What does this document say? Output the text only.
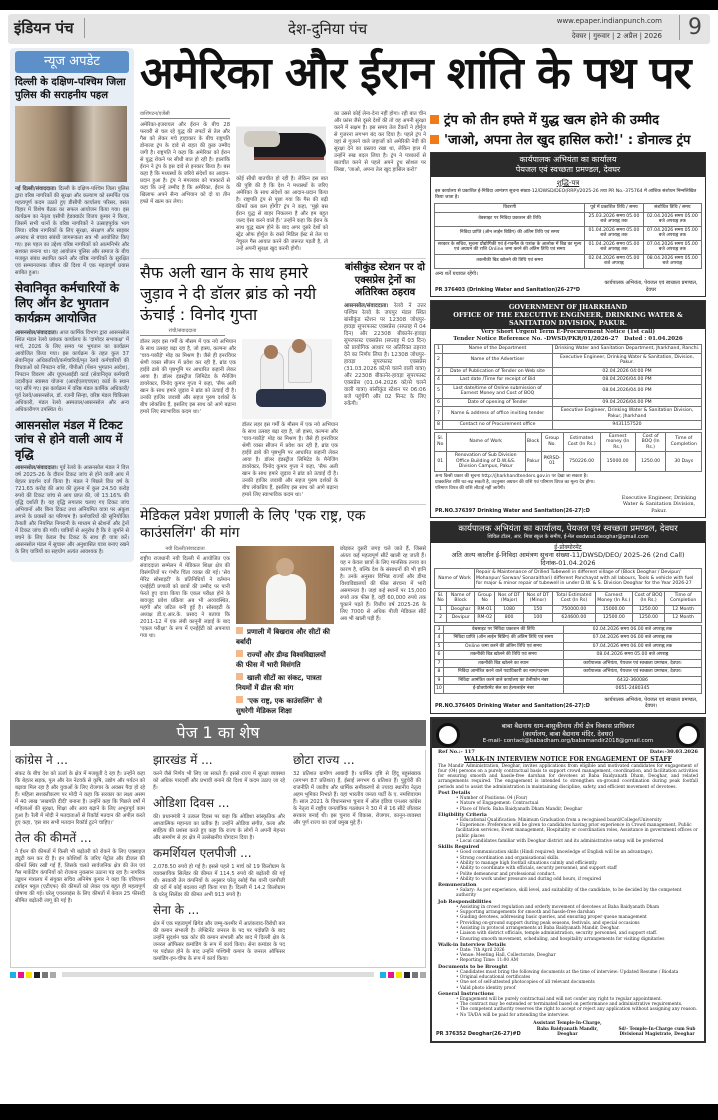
इंडियन पंच	देश-दुनिया पंच	www.epaper.indianpunch.com
देवघर | गुरुवार | 2 अप्रैल | 2026	9
न्यूज अपडेट
दिल्ली के दक्षिण-पश्चिम जिला पुलिस की सराहनीय पहल
नई दिल्ली/संवाददाता। दिल्ली के दक्षिण-पश्चिम जिला पुलिस द्वारा वरिष्ठ नागरिकों की सुरक्षा और कल्याण को समर्पित एक महत्वपूर्ण कदम उठाते हुए डीसीपी कार्यालय परिसर, वसंत विहार में विशेष बैठक का सफल आयोजन किया गया। इस कार्यक्रम का नेतृत्व एसीपी हेडक्वार्टर विजय कुमार ने किया, जिसमें सभी थानों के वरिष्ठ नागरिकों ने उत्साहपूर्वक भाग लिया। वरिष्ठ नागरिकों के लिए सुरक्षा, संरक्षण और साइबर अपराध से बचाव संबंधी जागरूकता सत्र भी आयोजित किए गए। इस पहल का उद्देश्य वरिष्ठ नागरिकों को आत्मनिर्भर और सशक्त बनाना था। यह आयोजन पुलिस और समाज के बीच मजबूत संबंध स्थापित करने और वरिष्ठ नागरिकों के सुरक्षित एवं सम्मानजनक जीवन की दिशा में एक महत्वपूर्ण प्रयास साबित हुआ।
सेवानिवृत कर्मचारियों के लिए ऑन डेट भुगतान कार्यक्रम आयोजित
आसनसोल/संवाददाता। आज कार्मिक विभाग द्वारा आसनसोल स्थित मंडल रेलवे प्रबंधक कार्यालय के 'दामोदर सभाकक्ष' में मार्च, 2026 के लिए समय पर भुगतान का कार्यक्रम आयोजित किया गया। इस कार्यक्रम के तहत कुल 37 सेवानिवृत्त अधिकारियों/कर्मचारियों/मृत रेलवे कर्मचारियों की विधवाओं को निपटान राशि, पीपीओ (पेंशन भुगतान आदेश), निपटान विवरण और यूएमआईडी कार्ड (सेवानिवृत्त कर्मचारी उदारीकृत स्वास्थ्य योजना (आरईएलएचएस) कार्ड के स्थान पर) सौंपे गए। इस कार्यक्रम में वरिष्ठ मंडल कार्मिक अधिकारी/पूर्व रेलवे/आसनसोल, डॉ. रजनी सिन्हा, वरिष्ठ मंडल चिकित्सा अधिकारी, मंडल रेलवे अस्पताल/आसनसोल और अन्य अधिकारीगण उपस्थित थे।
आसनसोल मंडल में टिकट जांच से होने वाली आय में वृद्धि
आसनसोल/संवाददाता। पूर्व रेलवे के आसनसोल मंडल ने वित्त वर्ष 2025-26 के दौरान टिकट जांच से होने वाली आय में बेहतर प्रदर्शन दर्ज किया है। मंडल ने पिछले वित्त वर्ष के 721.65 करोड़ की आय की तुलना में कुल 24.50 करोड़ रुपये की टिकट जांच से आय प्राप्त की, जो 13.16% की वृद्धि दर्शाती है। यह वृद्धि लगातार चलाए गए टिकट जांच अभियानों और बिना टिकट तथा अनियमित यात्रा पर अंकुश लगाने के प्रयासों का परिणाम है। कर्मचारियों की सुनियोजित तैनाती और नियमित निगरानी के माध्यम से स्टेशनों और ट्रेनों में टिकट जांच की गयी। यात्रियों से अनुरोध है कि वे जुर्माने से बचने के लिए केवल वैध टिकट के साथ ही यात्रा करें। आसनसोल मंडल में सुचारू और अनुशासित यात्रा बनाए रखने के लिए यात्रियों का सहयोग अत्यंत आवश्यक है।
अमेरिका और ईरान शांति के पथ पर
वाशिंगटन/एजेंसी
अमेरिका-इजरायल और ईरान के बीच 28 फरवरी से चल रहे युद्ध की लपटों से तेल और गैस को लेकर मचे हाहाकार के बीच राष्ट्रपति डोनाल्ड ट्रंप के दावे से राहत की कुछ उम्मीद जगी है। राष्ट्रपति ने कहा कि अमेरिका को ईरान से युद्ध रोकने पर सीधी बात हो रही है। हालांकि ईरान ने ट्रंप के इस दावे से इनकार किया है। बस कहा है कि मध्यस्थों के जरिये संदेशों का आदान-प्रदान हुआ है। ट्रंप ने मंगलवार को पत्रकारों से कहा कि उन्हें उम्मीद है कि अमेरिका, ईरान के खिलाफ अपने सैन्य अभियान को दो या तीन हफ्ते में खत्म कर लेगा।
कोई सीधी बातचीत हो रही है। लेकिन इस बात की पुष्टि की है कि देश ने मध्यस्थों के जरिए अमेरिका के साथ संदेशों का आदान-प्रदान किया है। राष्ट्रपति ट्रंप से पूछा गया कि गैस की बढ़ी कीमतें कब कम होंगी? ट्रंप ने कहा, 'मुझे बस ईरान युद्ध से बाहर निकलना है और हम बहुत जल्द ऐसा करने वाले हैं।' उन्होंने कहा कि ईरान के साथ युद्ध खत्म होने के बाद अगर दूसरे देशों को स्ट्रेट ऑफ होर्मुज के रास्ते मिडिल ईस्ट से तेल या नेचुरल गैस आयात करने की जरूरत पड़ती है, तो उन्हें अपनी सुरक्षा खुद करनी होगी।
का उससे कोई लेना-देना नहीं होगा। रही बात चीन और फ्रांस जैसे दूसरे देशों की तो वह अपनी सुरक्षा करने में सक्षम है। इस समय तेल टैंकरों ने होर्मुज से गुजरना लगभग बंद कर दिया है। पहले ट्रंप ने वहां से गुजरने वाले जहाजों को अमेरिकी नेवी की सुरक्षा देने का प्रस्ताव रखा था, लेकिन हाल में उन्होंने रुख बदल लिया है। ट्रंप ने पत्रकारों से बातचीत करने से पहले अपने ट्रुथ सोशल पर लिखा, 'जाओ, अपना तेल खुद हासिल करो!'
सैफ अली खान के साथ हमारे जुड़ाव ने दी डॉलर ब्रांड को नयी ऊंचाई : विनोद गुप्ता
रांची/संवाददाता
डॉलर लहर इस गर्मी के मौसम में एक नये अभियान के साथ उत्साह बढ़ा रहा है, जो हास्य, कल्पना और 'चाय-पकौड़े' मोड़ का मिश्रण है। जैसे ही इनरवियर श्रेणी व्यस्त सीजन में प्रवेश कर रही है, ब्रांड एक हाईवे ढाबे की पृष्ठभूमि पर आधारित कहानी लेकर आया है। डॉलर इंडस्ट्रीज लिमिटेड के मैनेजिंग डायरेक्टर, विनोद कुमार गुप्ता ने कहा, 'सैफ अली खान के साथ हमारे जुड़ाव ने ब्रांड को ऊंचाई दी है। उनकी हाजिर जवाबी और सहज पुरुष दर्शकों के बीच लोकप्रिय हैं, इसलिए इस साथ को आगे बढ़ाना हमारे लिए स्वाभाविक कदम था।'
डॉलर लहर इस गर्मी के मौसम में एक नये अभियान के साथ उत्साह बढ़ा रहा है, जो हास्य, कल्पना और 'चाय-पकौड़े' मोड़ का मिश्रण है। जैसे ही इनरवियर श्रेणी व्यस्त सीजन में प्रवेश कर रही है, ब्रांड एक हाईवे ढाबे की पृष्ठभूमि पर आधारित कहानी लेकर आया है। डॉलर इंडस्ट्रीज लिमिटेड के मैनेजिंग डायरेक्टर, विनोद कुमार गुप्ता ने कहा, 'सैफ अली खान के साथ हमारे जुड़ाव ने ब्रांड को ऊंचाई दी है। उनकी हाजिर जवाबी और सहज पुरुष दर्शकों के बीच लोकप्रिय हैं, इसलिए इस साथ को आगे बढ़ाना हमारे लिए स्वाभाविक कदम था।'
बांसीकुंड स्टेशन पर दो एक्सप्रेस ट्रेनों का अतिरिक्त ठहराव
आसनसोल/संवाददाता। रेलवे ने उत्तर पश्चिम रेलवे के जयपुर मंडल स्थित बांसीकुंड स्टेशन पर 12308 जोधपुर-हावड़ा सुपरफास्ट एक्सप्रेस (सप्ताह में 04 दिन) और 22308 बीकानेर-हावड़ा सुपरफास्ट एक्सप्रेस (सप्ताह में 03 दिन) को प्रायोगिक आधार पर अतिरिक्त ठहराव देने का निर्णय लिया है। 12308 जोधपुर-हावड़ा सुपरफास्ट एक्सप्रेस (31.03.2026 को/से चलने वाली यात्रा) और 22308 बीकानेर-हावड़ा सुपरफास्ट एक्सप्रेस (01.04.2026 को/से चलने वाली यात्रा) बांसीकुंड स्टेशन पर 06:06 बजे पहुंचेंगी और 02 मिनट के लिए रुकेंगी।
मेडिकल प्रवेश प्रणाली के लिए 'एक राष्ट्र, एक काउंसलिंग' की मांग
नयी दिल्ली/संवाददाता
राष्ट्रीय राजधानी नयी दिल्ली में आयोजित एक संवाददाता सम्मेलन में मेडिकल शिक्षा क्षेत्र की विसंगतियों पर गंभीर चिंता व्यक्त की गई। 'सेव मेरिट सोसाइटी' के प्रतिनिधियों ने वर्तमान एनईईटी प्रणाली को छात्रों की उम्मीद पर पानी फेरते हुए दावा किया कि एकल परीक्षा होने के बावजूद प्रवेश प्रक्रिया अब भी अव्यवस्थित, महंगी और जटिल बनी हुई है। सोसाइटी के अध्यक्ष डी.ए.आर.के. प्रसाद ने बताया कि 2011-12 में एक लंबी कानूनी लड़ाई के बाद 'एकल परीक्षा' के रूप में एनईईटी को अपनाया गया था।
प्रणाली में बिखराव और सीटों की बर्बादी
राज्यों और डीम्ड विश्वविद्यालयों की फीस में भारी विसंगति
खाली सीटों का संकट, पात्रता नियमों में ढील की मांग
'एक राष्ट्र, एक काउंसलिंग' से सुधरेगी मेडिकल शिक्षा
छोड़कर दूसरी जगह चले जाते हैं, जिससे अंततः कई महत्वपूर्ण सीटें खाली रह जाती हैं। यह न केवल छात्रों के लिए मानसिक तनाव का कारण है, बल्कि देश के संसाधनों की भी हानि है। उनके अनुसार विभिन्न राज्यों और डीम्ड विश्वविद्यालयों की फीस संरचना में भारी असमानता है। जहां कई स्थानों पर 15,000 रुपये तक फीस है, वहीं 60,000 रुपये तक चुकाने पड़ते हैं। वित्तीय वर्ष 2025-26 के लिए 7000 से अधिक पीजी मेडिकल सीटें अब भी खाली पड़ी हैं।
पेज 1 का शेष
कांग्रेस ने ...
संकट के बीच देश को ऊर्जा के क्षेत्र में मजबूती दे रहा है। उन्होंने कहा कि बेहतर सड़क, पुल और रेल नेटवर्क से कृषि, उद्योग और पर्यटन को बढ़ावा मिल रहा है और युवाओं के लिए रोजगार के अवसर पैदा हो रहे हैं। महिला सशक्तीकरण पर मोदी ने कहा कि सरकार का लक्ष्य असम में 40 लाख 'लखपति दीदी' बनाना है। उन्होंने कहा कि पिछले वर्षों में महिलाओं की सुरक्षा, शिक्षा और आय बढ़ाने के लिए अभूतपूर्व काम हुआ है। रैली में मोदी ने मतदाताओं से रिकॉर्ड मतदान की अपील करते हुए कहा, 'इस बार सभी मतदान रिकॉर्ड टूटने चाहिए।'
तेल की कीमतें ...
ने ईंधन की कीमतों में किसी भी बढ़ोतरी को रोकने के लिए एक्साइज ड्यूटी कम कर दी है। इन कोशिशों के जरिए पेट्रोल और डीजल की कीमतें स्थिर रखी गई हैं, जिसके चलते सार्वजनिक क्षेत्र की तेल एवं गैस मार्केटिंग कंपनियों को रोजाना नुकसान उठाना पड़ रहा है। नागरिक उड्डयन मंत्रालय में संयुक्त सचिव अनिमेष कुमार ने कहा कि एविएशन टर्बाइन फ्यूल (एटीएफ) की कीमतों को लेकर एक बहुत ही महत्वपूर्ण घोषणा की गई। घरेलू एयरलाइंस के लिए कीमतों में केवल 25 फीसदी सीमित बढ़ोतरी लागू की गई है।
झारखंड में ...
करने जैसे निर्णय भी लिए जा सकते हैं। इससे राज्य में सुरक्षा व्यवस्था को अधिक पारदर्शी और प्रभावी बनाने की दिशा में कदम उठाए जा रहे हैं।
ओडिशा दिवस ...
की। प्रधानमंत्री ने उत्कल दिवस पर कहा कि ओडिशा सांस्कृतिक और आध्यात्मिक महानता का प्रतीक है। उन्होंने ओडिया संगीत, कला और साहित्य की प्रशंसा करते हुए कहा कि राज्य के लोगों ने अपनी मेहनत और समर्पण से हर क्षेत्र में उल्लेखनीय योगदान दिया है।
कमर्शियल एलपीजी ...
2,078.50 रुपये हो गई है। इससे पहले 1 मार्च को 19 किलोग्राम के व्यावसायिक सिलेंडर की कीमत में 114.5 रुपये की बढ़ोतरी की गई थी। सरकारी तेल कंपनियों के अनुसार घरेलू रसोई गैस यानी एलपीजी की दरों में कोई बदलाव नहीं किया गया है। दिल्ली में 14.2 किलोग्राम के घरेलू सिलेंडर की कीमत अभी 913 रुपये है।
सेना के ...
क्षेत्र में एक महत्वपूर्ण ब्रिगेड और जम्मू-कश्मीर में आतंकवाद-विरोधी बल की कमान संभाली है। लेफ्टिनेंट जनरल के पद पर पदोन्नति के बाद उन्होंने सुदर्शन चक्र कोर की कमान संभाली और बाद में दिल्ली क्षेत्र के जनरल ऑफिसर कमांडिंग के रूप में कार्य किया। सेना कमांडर के पद पर पदोन्नत होने के बाद उन्होंने पश्चिमी कमान के जनरल ऑफिसर कमांडिंग-इन-चीफ के रूप में कार्य किया।
छोटा राज्य ...
32 प्रतिशत ग्रामीण आबादी है। धार्मिक दृष्टि से हिंदू बहुसंख्यक (लगभग 87 प्रतिशत) हैं, ईसाई लगभग 6 प्रतिशत हैं। पुडुचेरी की राजनीति में जातीय और धार्मिक समीकरणों से ज्यादा स्थानीय नेतृत्व अहम भूमिका निभाते हैं। यहां भारतीय जनता पार्टी के ए. नमशिवायम हैं। साल 2021 के विधानसभा चुनाव में ऑल इंडिया एनआर कांग्रेस के नेतृत्व में राष्ट्रीय जनतांत्रिक गठबंधन ने 30 में से 16 सीटें जीतकर सरकार बनाई थी। इस चुनाव में विकास, रोजगार, कानून-व्यवस्था और पूर्ण राज्य का दर्जा प्रमुख मुद्दे हैं।
ट्रंप को तीन हफ्ते में युद्ध खत्म होने की उम्मीद
'जाओ, अपना तेल खुद हासिल करो!' : डोनाल्ड ट्रंप
कार्यपालक अभियंता का कार्यालय
पेयजल एवं स्वच्छता प्रमण्डल, देवघर
शुद्धि-पत्र
इस कार्यालय से प्रकाशित ई-निविदा आमंत्रण सूचना संख्या-12/DWSD/DEO(RRP)/2025-26 तथा PR No.-375764 में आंशिक संशोधन निम्नलिखित किया जाता है।
विवरणी	पूर्व में प्रकाशित तिथि / समय	संशोधित तिथि / समय
वेबसाइट पर निविदा प्रकाशन की तिथि	25.03.2026 समय 05.00 बजे अपराह्न तक	02.04.2026 समय 05.00 बजे अपराह्न तक
निविदा प्राप्ति (ऑन लाईन बिडिंग) की अंतिम तिथि एवं समय	01.04.2026 समय 05.00 बजे अपराह्न तक	07.04.2026 समय 05.00 बजे अपराह्न तक
सरकार के सचिव, सूचना प्रौद्योगिकी एवं ई-गवर्नेंस के पत्रांक के आलोक में बिड का मूल्य एवं अग्रधन की राशि Online जमा करने की अंतिम तिथि एवं समय	01.04.2026 समय 05.00 बजे अपराह्न तक	07.04.2026 समय 05.00 बजे अपराह्न तक
तकनीकी बिड खोलने की तिथि एवं समय	02.04.2026 समय 05.00 बजे अपराह्न	08.04.2026 समय 05.00 बजे अपराह्न
अन्य शर्तें यथावत रहेंगी।
PR 376403 (Drinking Water and Sanitation)26-27*D
कार्यपालक अभियंता, पेयजल एवं स्वच्छता प्रमण्डल, देवघर
GOVERNMENT OF JHARKHAND
OFFICE OF THE EXECUTIVE ENGINEER, DRINKING WATER & SANITATION DIVISION, PAKUR.
Very Short Urgent Term E-Procurement Notice (1st call)
Tender Notice Reference No. -DWSD/PKR/01/2026-27 Dated : 01.04.2026
1	Name of the Department	Drinking Water and Sanitation Department, Jharkhand, Ranchi.
2	Name of the Advertiser	Executive Engineer, Drinking Water & Sanitation, Division, Pakur.
3	Date of Publication of Tender on Web site	02.04.2026 04:00 PM
4	Last date /Time for receipt of Bid	08.04.2026/04.00 PM
5	Last date/time of Online submission of Earnest Money and Cost of BOQ	08.04.2026/04.00 PM
6	Date of opening of Tender	09.04.2026/04.00 PM
7	Name & address of office inviting tender	Executive Engineer, Drinking Water & Sanitation Division, Pakur, Jharkhand
8	Contact no of Procurement office	9431157520
Sl. No	Name of Work	Block	Group No.	Estimated Cost (In Rs.)	Earnest money (In Rs.)	Cost of BOQ (In Rs.)	Time of Completion
01	Renovation of Sub Division Office Building of D.W.&S. Division Campus, Pakur	Pakur	PKRSD-01	750226.00	15000.00	1250.00	30 Days
अन्य किसी प्रकार की सूचना http://jharkhandtenders.gov.in पर देखा जा सकता है।
प्राक्कलित राशि घट-बढ़ सकती है, तदनुसार अग्रधन की राशि एवं परिमाण विपत्र का मूल्य देय होगा।
परिमाण विपत्र की राशि लौटाई नहीं जायेगी।
PR.NO.376397 Drinking Water and Sanitation(26-27):D
Executive Engineer, Drinking Water & Sanitation Division, Pakur.
कार्यपालक अभियंता का कार्यालय, पेयजल एवं स्वच्छता प्रमण्डल, देवघर
शिविल टॉउन, आर. मित्रा स्कूल के समीप, ई-मेल eedwsd.deoghar@gmail.com
ई-प्रोक्योरमेंट
अति अल्प कालीन ई-निविदा आमंत्रण सूचना संख्या-11/DWSD/DEO/ 2025-26 (2nd Call) दिनांक-01.04.2026
Name of Work	Repair & Maintenance of Drilled Tubewell in different village of (Block Deoghar / Devipur/ Mohanpur/ Sarwan/ Sonaraithari) different Panchayat with all labours, Tools & vehicle with fuel for major & minor repair of tubewell in under D.W. & S. Division Deoghar for the Year 2026-27
Sl. No	Name of Block	Group No	Nos of DT (Major)	Nos of DT (Minor)	Total Estimated Cost (In Rs)	Earnest Money (In Rs.)	Cost of BOQ (In Rs.)	Time of Completion
1	Deoghar	RM-01	1080	150	750000.00	15000.00	1250.00	12 Month
2	Devipur	RM-02	800	100	624600.00	12500.00	1250.00	12 Month
3	वेबसाइट पर निविदा प्रकाशन की तिथि	02.04.2026 समय 06.00 बजे अपराह्न तक
4	निविदा प्राप्ति (ऑन लाईन बिडिंग) की अंतिम तिथि एवं समय	07.04.2026 समय 06.00 बजे अपराह्न तक
5	Online जमा करने की अंतिम तिथि एवं समय	07.04.2026 समय 06.00 बजे अपराह्न तक
6	तकनीकी बिड खोलने की तिथि एवं समय	08.04.2026 समय 05.00 बजे अपराह्न
7	तकनीकी बिड खोलने का स्थान	कार्यपालक अभियंता, पेयजल एवं स्वच्छता प्रमण्डल, देवघर।
8	निविदा आमंत्रित करने वाले पदाधिकारी का नाम/पदनाम	कार्यपालक अभियंता, पेयजल एवं स्वच्छता प्रमण्डल, देवघर।
9	निविदा आमंत्रित करने वाले कार्यालय का टेलीफोन नंबर	6432-360086
10	ई-प्रोक्योरमेंट सेल का हेल्पलाईन नंबर	0651-2480345
PR.NO.376405 Drinking Water and Sanitation(26-27):D
कार्यपालक अभियंता, पेयजल एवं स्वच्छता प्रमण्डल, देवघर।
बाबा बैद्यनाथ धाम-बासुकीनाथ तीर्थ क्षेत्र विकास प्राधिकार
(कार्यालय, बाबा बैद्यनाथ मंदिर, देवघर)
E-mail- contact@babadham.org/babamandir2018@gmail.com
Ref No.:- 117	Date:-30.03.2026
WALK-IN INTERVIEW NOTICE FOR ENGAGEMENT OF STAFF
The Mandir Administration, Deoghar, invites applications from eligible and motivated candidates for engagement of four (04) persons on a purely contractual basis to support crowd management, coordination, and facilitation activities for ensuring smooth and hassle-free darshan for devotees at Baba Baidyanath Dham, Deoghar, and related arrangements required. The engagement is intended to strengthen on-ground coordination during peak footfall periods and to assist the administration in maintaining discipline, safety, and efficient movement of devotees.
Post Details
• Number of Positions: 04 (Four)
• Nature of Engagement: Contractual
• Place of Work: Baba Baidyanath Dham Mandir, Deoghar
Eligibility Criteria
• Educational Qualification: Minimum Graduation from a recognised board/College/University
• Experience: Preference will be given to candidates having prior experience in Crowd management, Public facilitation services, Event management, Hospitality or coordination roles, Assistance in government offices or public places
• Local candidates familiar with Deoghar district and its administrative setup will be preferred
Skills Required
• Good communication skills (Hindi required; knowledge of English will be an advantage).
• Strong coordination and organisational skills.
• Ability to manage high footfall situations calmly and efficiently.
• Ability to coordinate with officials, security personnel, and support staff
• Polite demeanour and professional conduct.
• Ability to work under pressure and during odd hours, if required
Remuneration
• Salary: As per experience, skill level, and suitability of the candidate, to be decided by the competent authority
Job Responsibilities
• Assisting in crowd regulation and orderly movement of devotees at Baba Baidyanath Dham
• Supporting arrangements for smooth and hassle-free darshan
• Guiding devotees, addressing basic queries, and ensuring proper queue management
• Providing on-ground support during peak seasons, festivals, and special occasions
• Assisting in protocol arrangements at Baba Baidyanath Mandir, Deoghar.
• Liaison with district officials, temple administration, security personnel, and support staff.
• Ensuring smooth movement, scheduling, and hospitality arrangements for visiting dignitaries
Walk-in Interview Details
• Date: 7th April 2026
• Venue: Meeting Hall, Collectorate, Deoghar
• Reporting Time: 11:00 AM
Documents to be Brought
• Candidates must bring the following documents at the time of interview: Updated Resume / Biodata
• Original educational certificates
• One set of self-attested photocopies of all relevant documents
• Valid photo identity proof
General Instructions
• Engagement will be purely contractual and will not confer any right to regular appointment.
• The contract may be extended or terminated based on performance and administrative requirements.
• The competent authority reserves the right to accept or reject any application without assigning any reason.
• No TA/DA will be paid for attending the interview.
PR 376352 Deoghar(26-27)#D
Assistant Temple-In-Charge, Baba Baidyanath Mandir, Deoghar
Sd/- Temple-In-Charge cum Sub Divisional Magistrate, Deoghar
